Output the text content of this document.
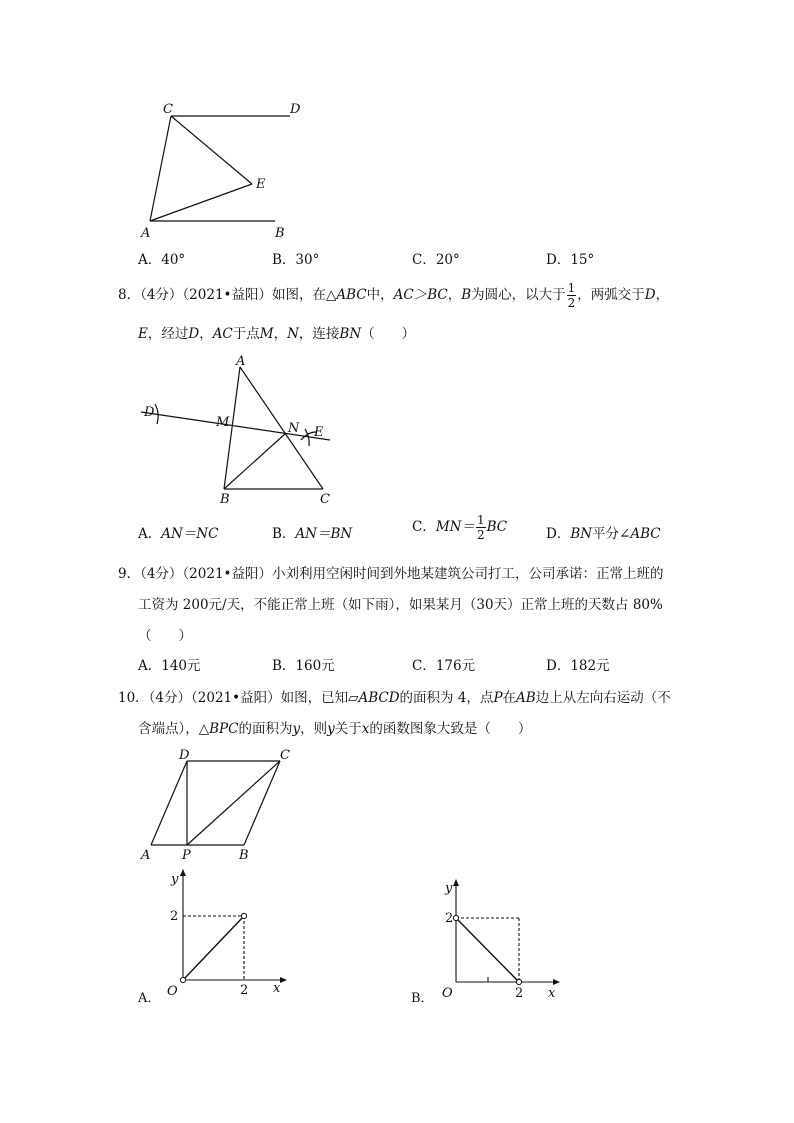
C	D
E
A	B
A．40°	B．30°	C．20°	D．15°
8．（4分）（2021•益阳）如图，在△ABC中，AC＞BC，B为圆心，以大于 $\frac{1}{2}$ ，两弧交于D，
E，经过D，AC于点M，N，连接BN（　　）
A
D
M	N E
B	C
A．AN＝NC	B．AN＝BN	C．$MN= \frac{1}{2}$ BC	D．BN平分∠ABC
9．（4分）（2021•益阳）小刘利用空闲时间到外地某建筑公司打工，公司承诺：正常上班的
工资为 200元/天，不能正常上班（如下雨），如果某月（30天）正常上班的天数占 80%
（　　）
A．140元	B．160元	C．176元	D．182元
10．（4分）（2021•益阳）如图，已知▱ABCD的面积为 4，点P在AB边上从左向右运动（不
含端点），△BPC的面积为y，则y关于x的函数图象大致是（　　）
D	C
A P	B
y
x
O
2
2
A．
y
x
O
2
2
B．
